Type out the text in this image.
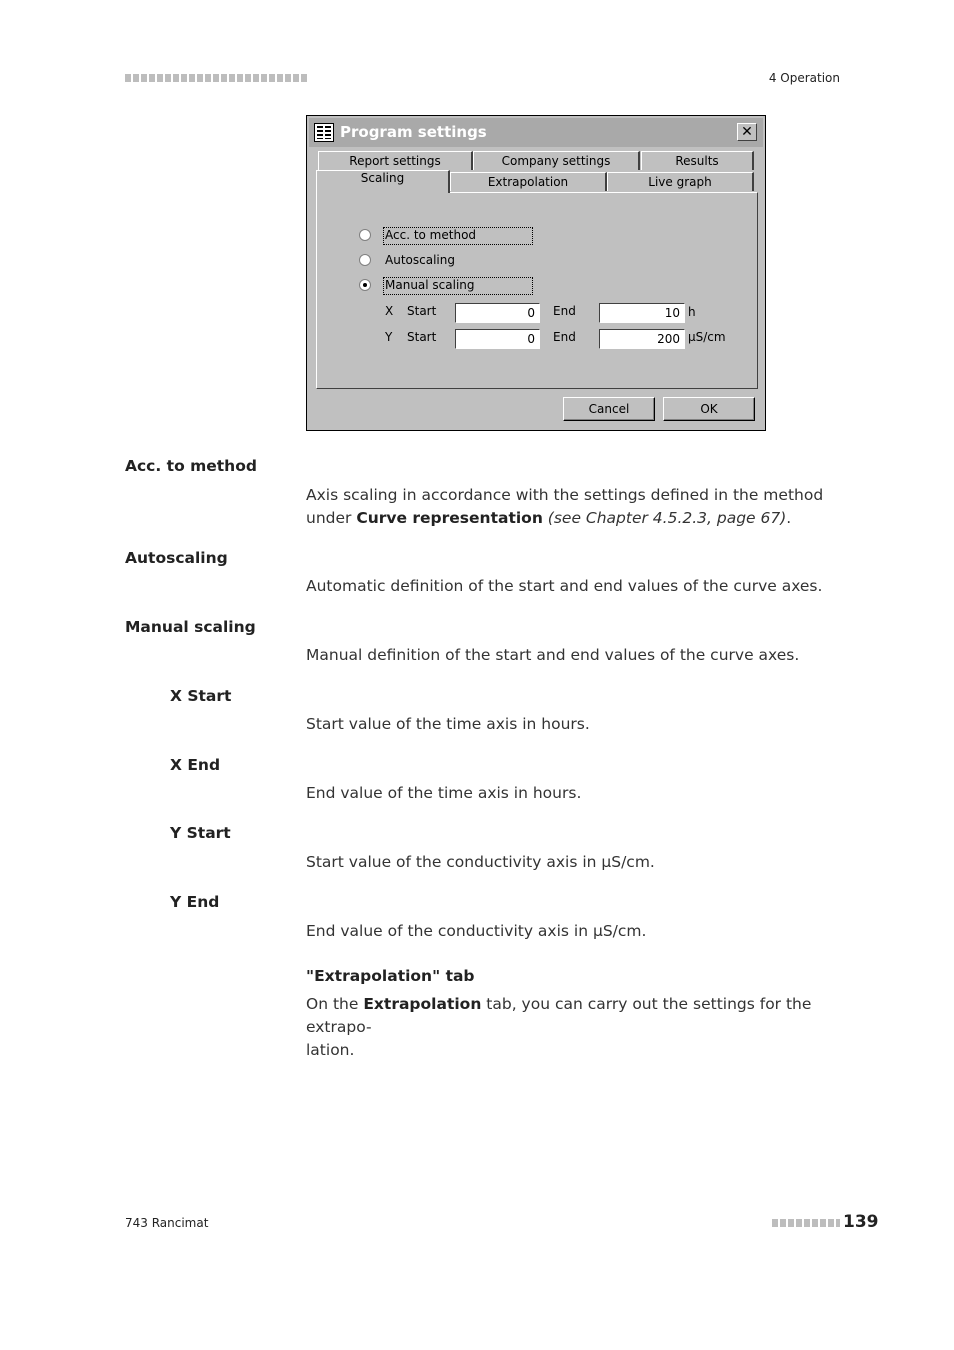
4 Operation
Program settings	✕
Report settings	Company settings	Results
Scaling	Extrapolation	Live graph
Acc. to method
Autoscaling
Manual scaling
X Start	0	End	10 h
Y Start	0	End	200 µS/cm
Cancel	OK
Acc. to method
Axis scaling in accordance with the settings defined in the method under Curve representation (see Chapter 4.5.2.3, page 67).
Autoscaling
Automatic definition of the start and end values of the curve axes.
Manual scaling
Manual definition of the start and end values of the curve axes.
X Start
Start value of the time axis in hours.
X End
End value of the time axis in hours.
Y Start
Start value of the conductivity axis in µS/cm.
Y End
End value of the conductivity axis in µS/cm.
"Extrapolation" tab
On the Extrapolation tab, you can carry out the settings for the extrapo-
lation.
743 Rancimat	139
